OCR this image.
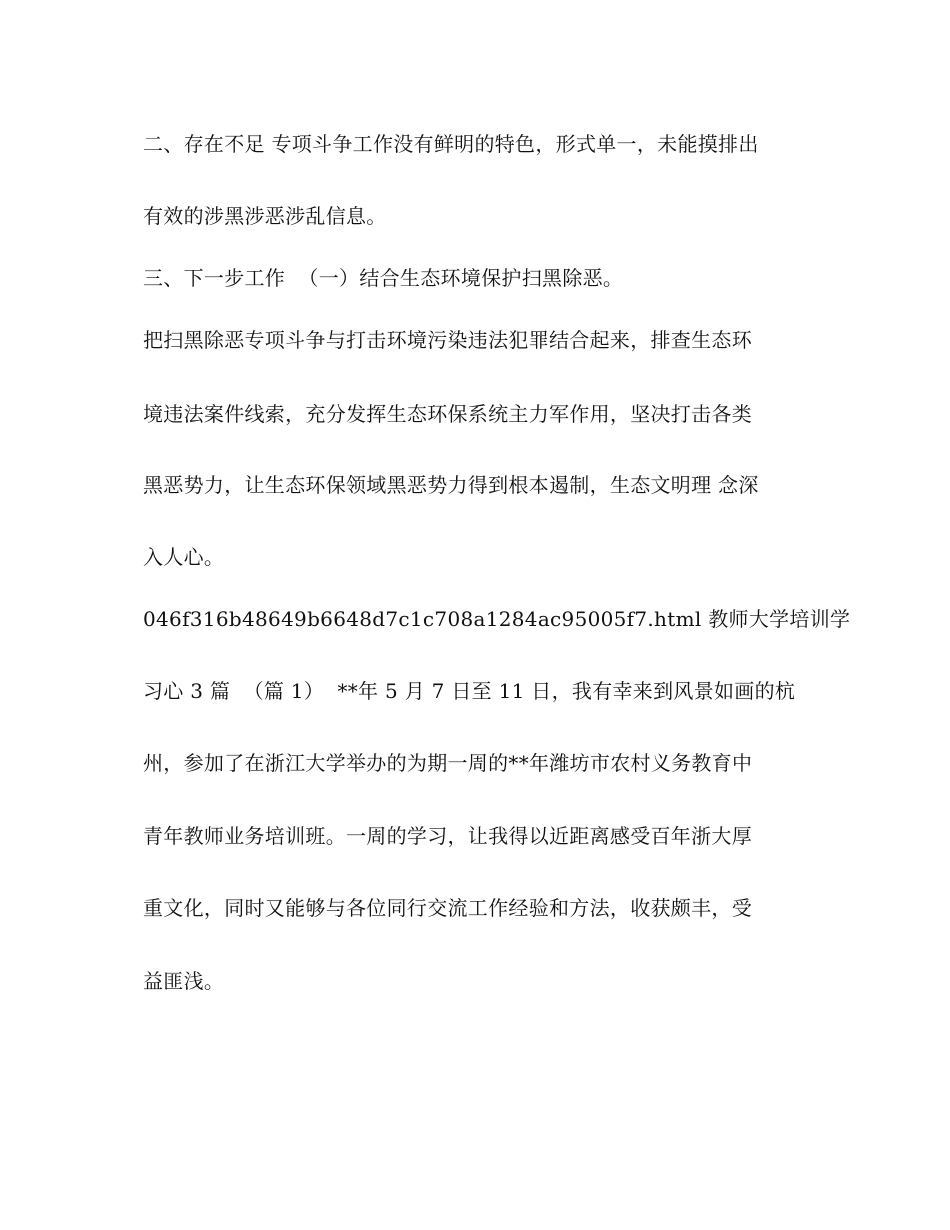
二、存在不足 专项斗争工作没有鲜明的特色，形式单一，未能摸排出
有效的涉黑涉恶涉乱信息。
三、下一步工作  （一）结合生态环境保护扫黑除恶。
把扫黑除恶专项斗争与打击环境污染违法犯罪结合起来，排查生态环
境违法案件线索，充分发挥生态环保系统主力军作用，坚决打击各类
黑恶势力，让生态环保领域黑恶势力得到根本遏制，生态文明理 念深
入人心。
046f316b48649b6648d7c1c708a1284ac95005f7.html 教师大学培训学
习心 3 篇  （篇 1）  **年 5 月 7 日至 11 日，我有幸来到风景如画的杭
州，参加了在浙江大学举办的为期一周的**年潍坊市农村义务教育中
青年教师业务培训班。一周的学习，让我得以近距离感受百年浙大厚
重文化，同时又能够与各位同行交流工作经验和方法，收获颇丰，受
益匪浅。
